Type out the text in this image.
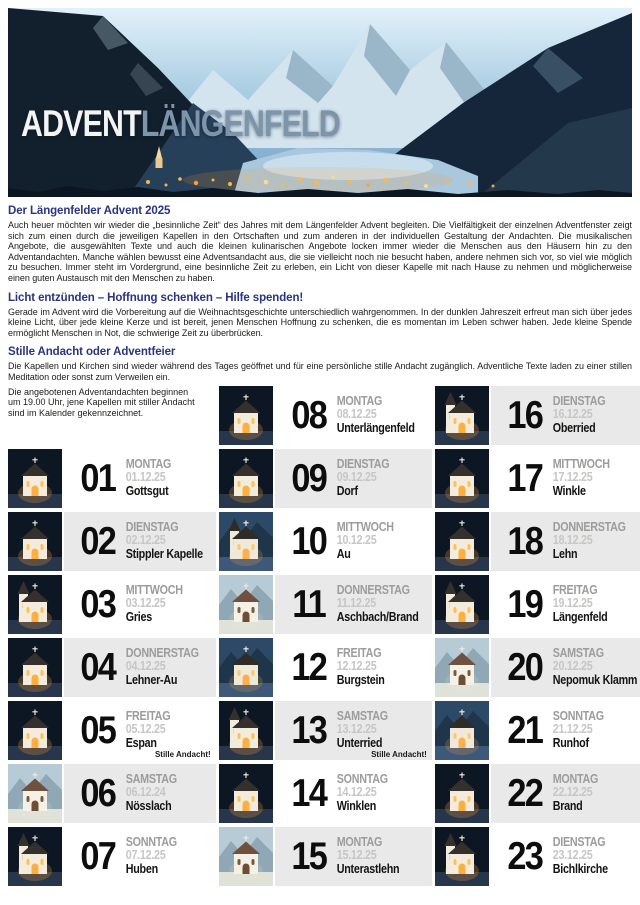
ADVENTLÄNGENFELD
Der Längenfelder Advent 2025

Auch heuer möchten wir wieder die „besinnliche Zeit“ des Jahres mit dem Längenfelder Advent begleiten. Die Vielfältigkeit der einzelnen Adventfenster zeigt sich zum einen durch die jeweiligen Kapellen in den Ortschaften und zum anderen in der individuellen Gestaltung der Andachten. Die musikalischen Angebote, die ausgewählten Texte und auch die kleinen kulinarischen Angebote locken immer wieder die Menschen aus den Häusern hin zu den Adventandachten. Manche wählen bewusst eine Adventsandacht aus, die sie vielleicht noch nie besucht haben, andere nehmen sich vor, so viel wie möglich zu besuchen. Immer steht im Vordergrund, eine besinnliche Zeit zu erleben, ein Licht von dieser Kapelle mit nach Hause zu nehmen und möglicherweise einen guten Austausch mit den Menschen zu haben.

Licht entzünden – Hoffnung schenken – Hilfe spenden!

Gerade im Advent wird die Vorbereitung auf die Weihnachtsgeschichte unterschiedlich wahrgenommen. In der dunklen Jahreszeit erfreut man sich über jedes kleine Licht, über jede kleine Kerze und ist bereit, jenen Menschen Hoffnung zu schenken, die es momentan im Leben schwer haben. Jede kleine Spende ermöglicht Menschen in Not, die schwierige Zeit zu überbrücken.

Stille Andacht oder Adventfeier

Die Kapellen und Kirchen sind wieder während des Tages geöffnet und für eine persönliche stille Andacht zugänglich. Adventliche Texte laden zu einer stillen Meditation oder sonst zum Verweilen ein.

Die angebotenen Adventandachten beginnen um 19.00 Uhr, jene Kapellen mit stiller Andacht sind im Kalender gekennzeichnet.
01 MONTAG
01.12.25
Gottsgut
02 DIENSTAG
02.12.25
Stippler Kapelle
03 MITTWOCH
03.12.25
Gries
04 DONNERSTAG
04.12.25
Lehner-Au
05 FREITAG
05.12.25
Espan
Stille Andacht!
06 SAMSTAG
06.12.24
Nösslach
07 SONNTAG
07.12.25
Huben
08 MONTAG
08.12.25
Unterlängenfeld
09 DIENSTAG
09.12.25
Dorf
10 MITTWOCH
10.12.25
Au
11 DONNERSTAG
11.12.25
Aschbach/Brand
12 FREITAG
12.12.25
Burgstein
13 SAMSTAG
13.12.25
Unterried
Stille Andacht!
14 SONNTAG
14.12.25
Winklen
15 MONTAG
15.12.25
Unterastlehn
16 DIENSTAG
16.12.25
Oberried
17 MITTWOCH
17.12.25
Winkle
18 DONNERSTAG
18.12.25
Lehn
19 FREITAG
19.12.25
Längenfeld
20 SAMSTAG
20.12.25
Nepomuk Klamm
21 SONNTAG
21.12.25
Runhof
22 MONTAG
22.12.25
Brand
23 DIENSTAG
23.12.25
Bichlkirche
